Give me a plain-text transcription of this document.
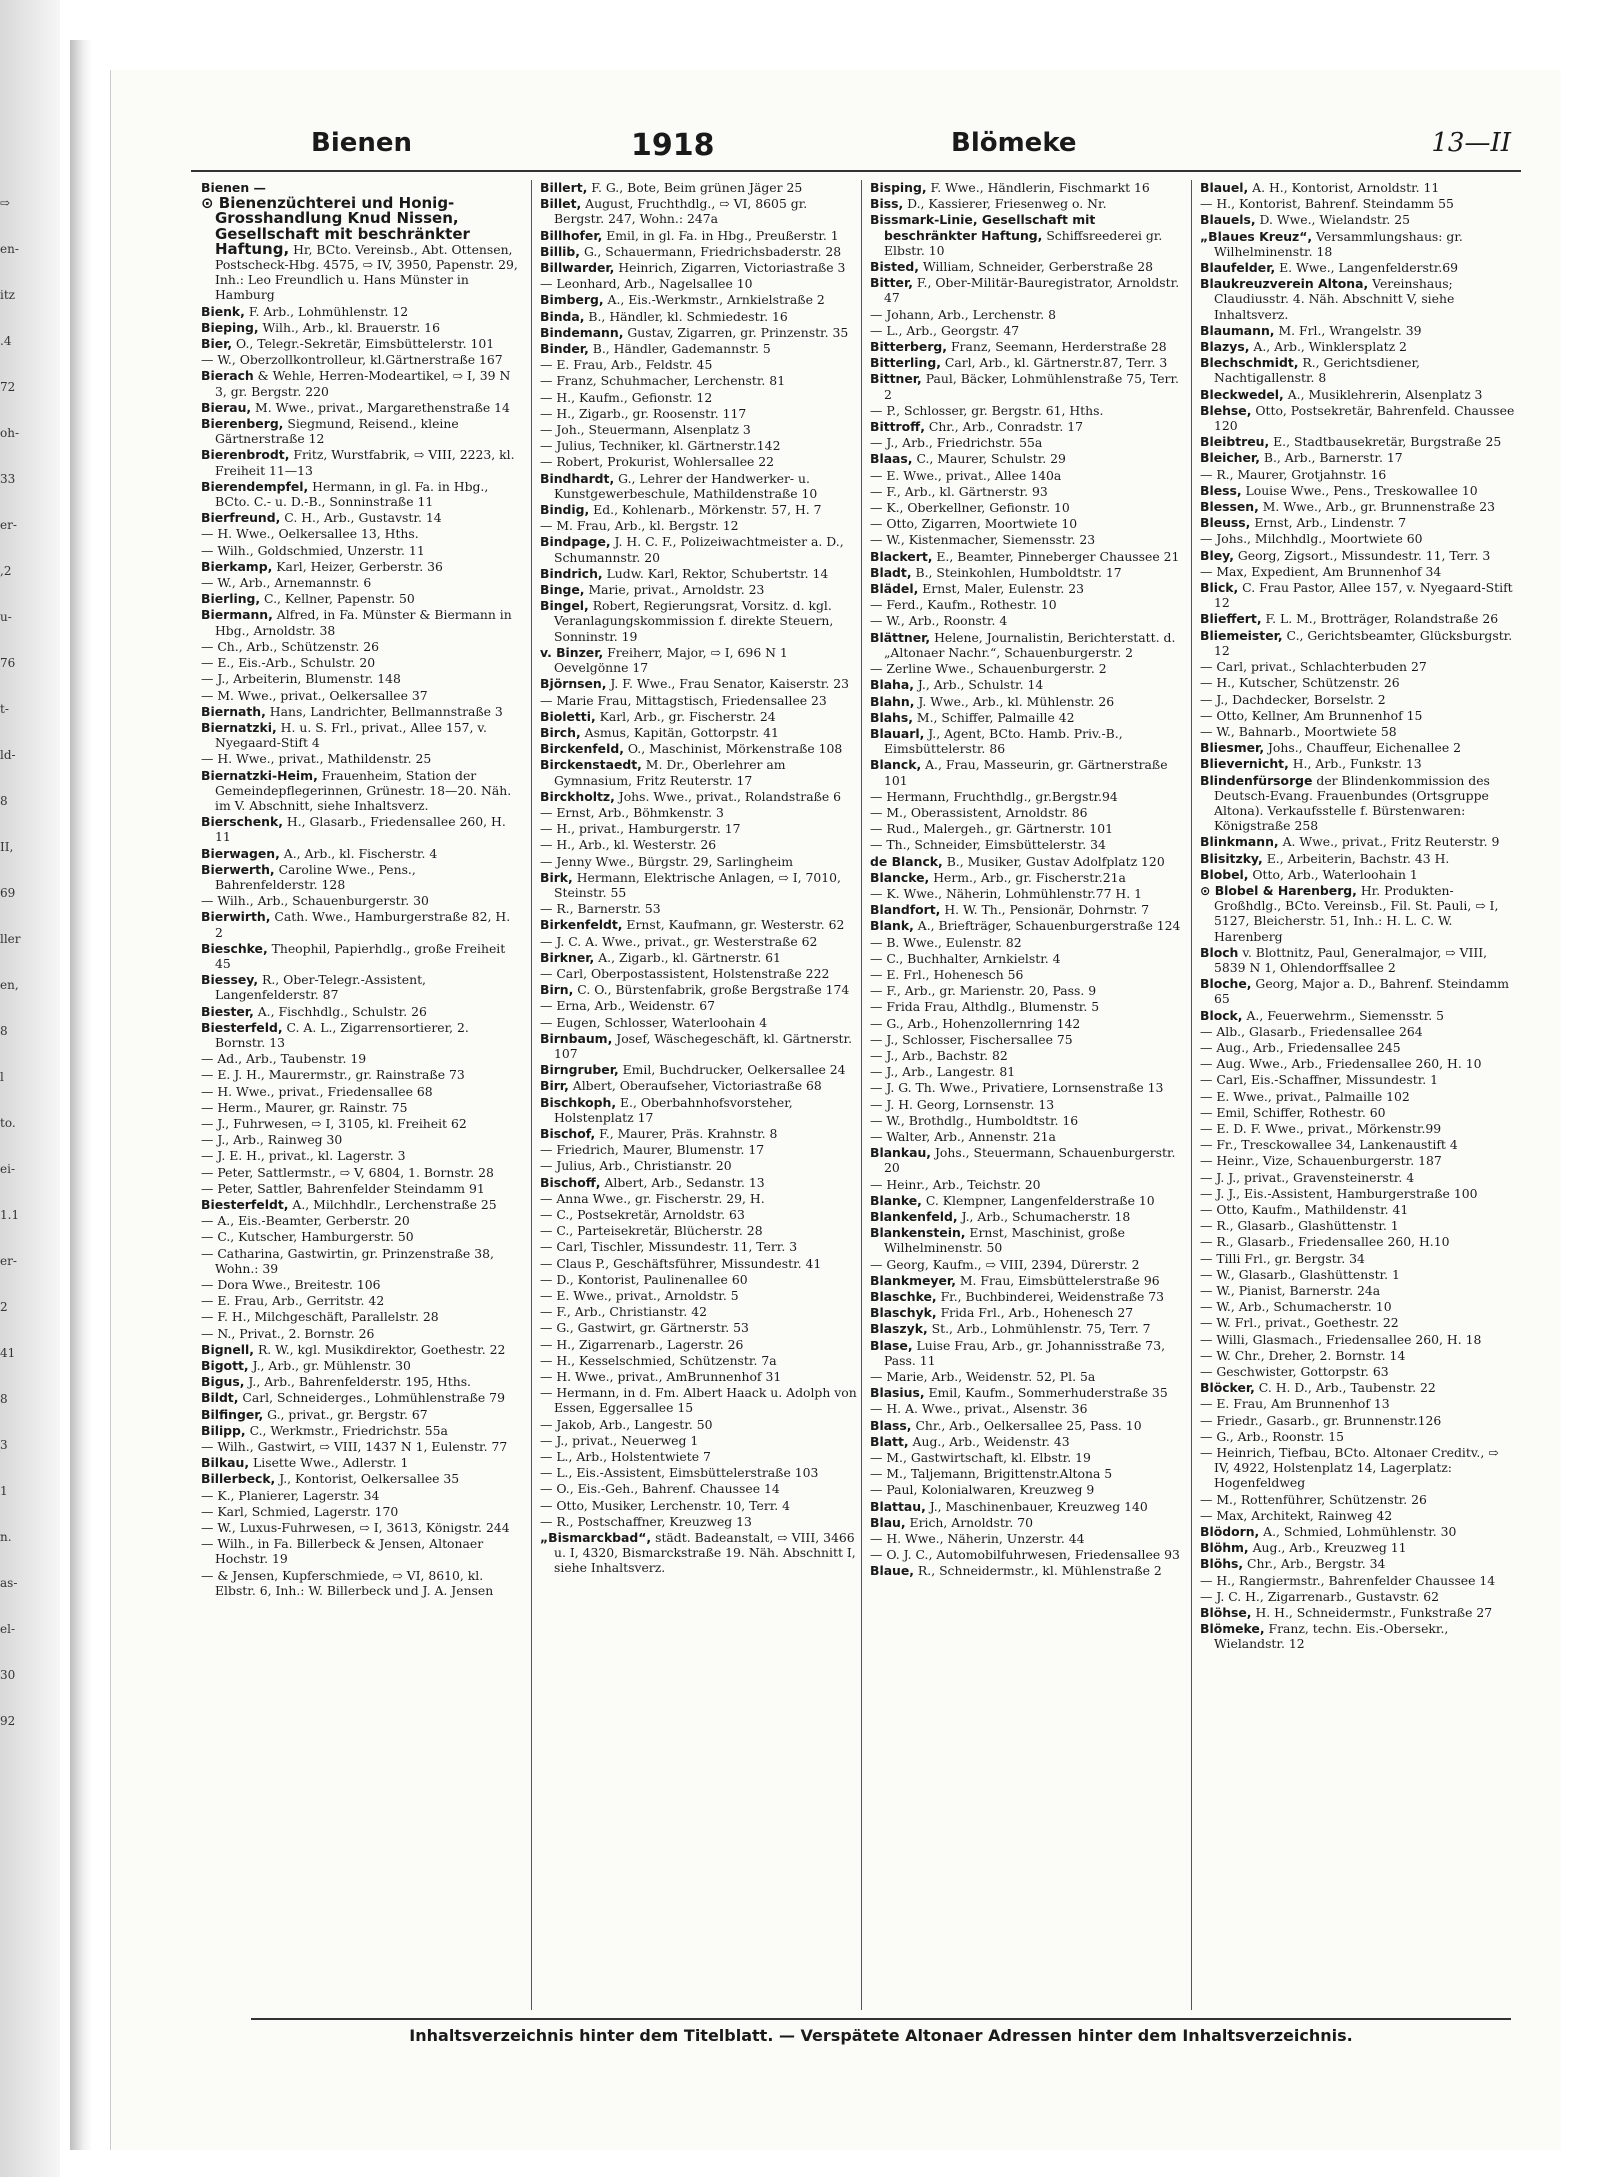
⇨
en-
itz
.4
72
oh-
33
er-
,2
u-
76
t-
ld-
8
II,
69
ller
en,
8
l to.
ei-
1.1
er-
2
41
8
3
1
n.
as-
el-
30
92
Bienen	1918	Blömeke	13—II
Bienen —
⊙ Bienenzüchterei und Honig-Grosshandlung Knud Nissen, Gesellschaft mit beschränkter Haftung, Hr, BCto. Vereinsb., Abt. Ottensen, Postscheck-Hbg. 4575, ⇨ IV, 3950, Papenstr. 29, Inh.: Leo Freundlich u. Hans Münster in Hamburg
Bienk, F. Arb., Lohmühlenstr. 12
Bieping, Wilh., Arb., kl. Brauerstr. 16
Bier, O., Telegr.-Sekretär, Eimsbüttelerstr. 101
— W., Oberzollkontrolleur, kl.Gärtnerstraße 167
Bierach & Wehle, Herren-Modeartikel, ⇨ I, 39 N 3, gr. Bergstr. 220
Bierau, M. Wwe., privat., Margarethenstraße 14
Bierenberg, Siegmund, Reisend., kleine Gärtnerstraße 12
Bierenbrodt, Fritz, Wurstfabrik, ⇨ VIII, 2223, kl. Freiheit 11—13
Bierendempfel, Hermann, in gl. Fa. in Hbg., BCto. C.- u. D.-B., Sonninstraße 11
Bierfreund, C. H., Arb., Gustavstr. 14
— H. Wwe., Oelkersallee 13, Hths.
— Wilh., Goldschmied, Unzerstr. 11
Bierkamp, Karl, Heizer, Gerberstr. 36
— W., Arb., Arnemannstr. 6
Bierling, C., Kellner, Papenstr. 50
Biermann, Alfred, in Fa. Münster & Biermann in Hbg., Arnoldstr. 38
— Ch., Arb., Schützenstr. 26
— E., Eis.-Arb., Schulstr. 20
— J., Arbeiterin, Blumenstr. 148
— M. Wwe., privat., Oelkersallee 37
Biernath, Hans, Landrichter, Bellmannstraße 3
Biernatzki, H. u. S. Frl., privat., Allee 157, v. Nyegaard-Stift 4
— H. Wwe., privat., Mathildenstr. 25
Biernatzki-Heim, Frauenheim, Station der Gemeindepflegerinnen, Grünestr. 18—20. Näh. im V. Abschnitt, siehe Inhaltsverz.
Bierschenk, H., Glasarb., Friedensallee 260, H. 11
Bierwagen, A., Arb., kl. Fischerstr. 4
Bierwerth, Caroline Wwe., Pens., Bahrenfelderstr. 128
— Wilh., Arb., Schauenburgerstr. 30
Bierwirth, Cath. Wwe., Hamburgerstraße 82, H. 2
Bieschke, Theophil, Papierhdlg., große Freiheit 45
Biessey, R., Ober-Telegr.-Assistent, Langenfelderstr. 87
Biester, A., Fischhdlg., Schulstr. 26
Biesterfeld, C. A. L., Zigarrensortierer, 2. Bornstr. 13
— Ad., Arb., Taubenstr. 19
— E. J. H., Maurermstr., gr. Rainstraße 73
— H. Wwe., privat., Friedensallee 68
— Herm., Maurer, gr. Rainstr. 75
— J., Fuhrwesen, ⇨ I, 3105, kl. Freiheit 62
— J., Arb., Rainweg 30
— J. E. H., privat., kl. Lagerstr. 3
— Peter, Sattlermstr., ⇨ V, 6804, 1. Bornstr. 28
— Peter, Sattler, Bahrenfelder Steindamm 91
Biesterfeldt, A., Milchhdlr., Lerchenstraße 25
— A., Eis.-Beamter, Gerberstr. 20
— C., Kutscher, Hamburgerstr. 50
— Catharina, Gastwirtin, gr. Prinzenstraße 38, Wohn.: 39
— Dora Wwe., Breitestr. 106
— E. Frau, Arb., Gerritstr. 42
— F. H., Milchgeschäft, Parallelstr. 28
— N., Privat., 2. Bornstr. 26
Bignell, R. W., kgl. Musikdirektor, Goethestr. 22
Bigott, J., Arb., gr. Mühlenstr. 30
Bigus, J., Arb., Bahrenfelderstr. 195, Hths.
Bildt, Carl, Schneiderges., Lohmühlenstraße 79
Bilfinger, G., privat., gr. Bergstr. 67
Bilipp, C., Werkmstr., Friedrichstr. 55a
— Wilh., Gastwirt, ⇨ VIII, 1437 N 1, Eulenstr. 77
Bilkau, Lisette Wwe., Adlerstr. 1
Billerbeck, J., Kontorist, Oelkersallee 35
— K., Planierer, Lagerstr. 34
— Karl, Schmied, Lagerstr. 170
— W., Luxus-Fuhrwesen, ⇨ I, 3613, Königstr. 244
— Wilh., in Fa. Billerbeck & Jensen, Altonaer Hochstr. 19
— & Jensen, Kupferschmiede, ⇨ VI, 8610, kl. Elbstr. 6, Inh.: W. Billerbeck und J. A. Jensen
Billert, F. G., Bote, Beim grünen Jäger 25
Billet, August, Fruchthdlg., ⇨ VI, 8605 gr. Bergstr. 247, Wohn.: 247a
Billhofer, Emil, in gl. Fa. in Hbg., Preußerstr. 1
Billib, G., Schauermann, Friedrichsbaderstr. 28
Billwarder, Heinrich, Zigarren, Victoriastraße 3
— Leonhard, Arb., Nagelsallee 10
Bimberg, A., Eis.-Werkmstr., Arnkielstraße 2
Binda, B., Händler, kl. Schmiedestr. 16
Bindemann, Gustav, Zigarren, gr. Prinzenstr. 35
Binder, B., Händler, Gademannstr. 5
— E. Frau, Arb., Feldstr. 45
— Franz, Schuhmacher, Lerchenstr. 81
— H., Kaufm., Gefionstr. 12
— H., Zigarb., gr. Roosenstr. 117
— Joh., Steuermann, Alsenplatz 3
— Julius, Techniker, kl. Gärtnerstr.142
— Robert, Prokurist, Wohlersallee 22
Bindhardt, G., Lehrer der Handwerker- u. Kunstgewerbeschule, Mathildenstraße 10
Bindig, Ed., Kohlenarb., Mörkenstr. 57, H. 7
— M. Frau, Arb., kl. Bergstr. 12
Bindpage, J. H. C. F., Polizeiwachtmeister a. D., Schumannstr. 20
Bindrich, Ludw. Karl, Rektor, Schubertstr. 14
Binge, Marie, privat., Arnoldstr. 23
Bingel, Robert, Regierungsrat, Vorsitz. d. kgl. Veranlagungskommission f. direkte Steuern, Sonninstr. 19
v. Binzer, Freiherr, Major, ⇨ I, 696 N 1 Oevelgönne 17
Björnsen, J. F. Wwe., Frau Senator, Kaiserstr. 23
— Marie Frau, Mittagstisch, Friedensallee 23
Bioletti, Karl, Arb., gr. Fischerstr. 24
Birch, Asmus, Kapitän, Gottorpstr. 41
Birckenfeld, O., Maschinist, Mörkenstraße 108
Birckenstaedt, M. Dr., Oberlehrer am Gymnasium, Fritz Reuterstr. 17
Birckholtz, Johs. Wwe., privat., Rolandstraße 6
— Ernst, Arb., Böhmkenstr. 3
— H., privat., Hamburgerstr. 17
— H., Arb., kl. Westerstr. 26
— Jenny Wwe., Bürgstr. 29, Sarlingheim
Birk, Hermann, Elektrische Anlagen, ⇨ I, 7010, Steinstr. 55
— R., Barnerstr. 53
Birkenfeldt, Ernst, Kaufmann, gr. Westerstr. 62
— J. C. A. Wwe., privat., gr. Westerstraße 62
Birkner, A., Zigarb., kl. Gärtnerstr. 61
— Carl, Oberpostassistent, Holstenstraße 222
Birn, C. O., Bürstenfabrik, große Bergstraße 174
— Erna, Arb., Weidenstr. 67
— Eugen, Schlosser, Waterloohain 4
Birnbaum, Josef, Wäschegeschäft, kl. Gärtnerstr. 107
Birngruber, Emil, Buchdrucker, Oelkersallee 24
Birr, Albert, Oberaufseher, Victoriastraße 68
Bischkoph, E., Oberbahnhofsvorsteher, Holstenplatz 17
Bischof, F., Maurer, Präs. Krahnstr. 8
— Friedrich, Maurer, Blumenstr. 17
— Julius, Arb., Christianstr. 20
Bischoff, Albert, Arb., Sedanstr. 13
— Anna Wwe., gr. Fischerstr. 29, H.
— C., Postsekretär, Arnoldstr. 63
— C., Parteisekretär, Blücherstr. 28
— Carl, Tischler, Missundestr. 11, Terr. 3
— Claus P., Geschäftsführer, Missundestr. 41
— D., Kontorist, Paulinenallee 60
— E. Wwe., privat., Arnoldstr. 5
— F., Arb., Christianstr. 42
— G., Gastwirt, gr. Gärtnerstr. 53
— H., Zigarrenarb., Lagerstr. 26
— H., Kesselschmied, Schützenstr. 7a
— H. Wwe., privat., AmBrunnenhof 31
— Hermann, in d. Fm. Albert Haack u. Adolph von Essen, Eggersallee 15
— Jakob, Arb., Langestr. 50
— J., privat., Neuerweg 1
— L., Arb., Holstentwiete 7
— L., Eis.-Assistent, Eimsbüttelerstraße 103
— O., Eis.-Geh., Bahrenf. Chaussee 14
— Otto, Musiker, Lerchenstr. 10, Terr. 4
— R., Postschaffner, Kreuzweg 13
„Bismarckbad“, städt. Badeanstalt, ⇨ VIII, 3466 u. I, 4320, Bismarckstraße 19. Näh. Abschnitt I, siehe Inhaltsverz.
Bisping, F. Wwe., Händlerin, Fischmarkt 16
Biss, D., Kassierer, Friesenweg o. Nr.
Bissmark-Linie, Gesellschaft mit beschränkter Haftung, Schiffsreederei gr. Elbstr. 10
Bisted, William, Schneider, Gerberstraße 28
Bitter, F., Ober-Militär-Bauregistrator, Arnoldstr. 47
— Johann, Arb., Lerchenstr. 8
— L., Arb., Georgstr. 47
Bitterberg, Franz, Seemann, Herderstraße 28
Bitterling, Carl, Arb., kl. Gärtnerstr.87, Terr. 3
Bittner, Paul, Bäcker, Lohmühlenstraße 75, Terr. 2
— P., Schlosser, gr. Bergstr. 61, Hths.
Bittroff, Chr., Arb., Conradstr. 17
— J., Arb., Friedrichstr. 55a
Blaas, C., Maurer, Schulstr. 29
— E. Wwe., privat., Allee 140a
— F., Arb., kl. Gärtnerstr. 93
— K., Oberkellner, Gefionstr. 10
— Otto, Zigarren, Moortwiete 10
— W., Kistenmacher, Siemensstr. 23
Blackert, E., Beamter, Pinneberger Chaussee 21
Bladt, B., Steinkohlen, Humboldtstr. 17
Blädel, Ernst, Maler, Eulenstr. 23
— Ferd., Kaufm., Rothestr. 10
— W., Arb., Roonstr. 4
Blättner, Helene, Journalistin, Berichterstatt. d. „Altonaer Nachr.“, Schauenburgerstr. 2
— Zerline Wwe., Schauenburgerstr. 2
Blaha, J., Arb., Schulstr. 14
Blahn, J. Wwe., Arb., kl. Mühlenstr. 26
Blahs, M., Schiffer, Palmaille 42
Blauarl, J., Agent, BCto. Hamb. Priv.-B., Eimsbüttelerstr. 86
Blanck, A., Frau, Masseurin, gr. Gärtnerstraße 101
— Hermann, Fruchthdlg., gr.Bergstr.94
— M., Oberassistent, Arnoldstr. 86
— Rud., Malergeh., gr. Gärtnerstr. 101
— Th., Schneider, Eimsbüttelerstr. 34
de Blanck, B., Musiker, Gustav Adolfplatz 120
Blancke, Herm., Arb., gr. Fischerstr.21a
— K. Wwe., Näherin, Lohmühlenstr.77 H. 1
Blandfort, H. W. Th., Pensionär, Dohrnstr. 7
Blank, A., Briefträger, Schauenburgerstraße 124
— B. Wwe., Eulenstr. 82
— C., Buchhalter, Arnkielstr. 4
— E. Frl., Hohenesch 56
— F., Arb., gr. Marienstr. 20, Pass. 9
— Frida Frau, Althdlg., Blumenstr. 5
— G., Arb., Hohenzollernring 142
— J., Schlosser, Fischersallee 75
— J., Arb., Bachstr. 82
— J., Arb., Langestr. 81
— J. G. Th. Wwe., Privatiere, Lornsenstraße 13
— J. H. Georg, Lornsenstr. 13
— W., Brothdlg., Humboldtstr. 16
— Walter, Arb., Annenstr. 21a
Blankau, Johs., Steuermann, Schauenburgerstr. 20
— Heinr., Arb., Teichstr. 20
Blanke, C. Klempner, Langenfelderstraße 10
Blankenfeld, J., Arb., Schumacherstr. 18
Blankenstein, Ernst, Maschinist, große Wilhelminenstr. 50
— Georg, Kaufm., ⇨ VIII, 2394, Dürerstr. 2
Blankmeyer, M. Frau, Eimsbüttelerstraße 96
Blaschke, Fr., Buchbinderei, Weidenstraße 73
Blaschyk, Frida Frl., Arb., Hohenesch 27
Blaszyk, St., Arb., Lohmühlenstr. 75, Terr. 7
Blase, Luise Frau, Arb., gr. Johannisstraße 73, Pass. 11
— Marie, Arb., Weidenstr. 52, Pl. 5a
Blasius, Emil, Kaufm., Sommerhuderstraße 35
— H. A. Wwe., privat., Alsenstr. 36
Blass, Chr., Arb., Oelkersallee 25, Pass. 10
Blatt, Aug., Arb., Weidenstr. 43
— M., Gastwirtschaft, kl. Elbstr. 19
— M., Taljemann, Brigittenstr.Altona 5
— Paul, Kolonialwaren, Kreuzweg 9
Blattau, J., Maschinenbauer, Kreuzweg 140
Blau, Erich, Arnoldstr. 70
— H. Wwe., Näherin, Unzerstr. 44
— O. J. C., Automobilfuhrwesen, Friedensallee 93
Blaue, R., Schneidermstr., kl. Mühlenstraße 2
Blauel, A. H., Kontorist, Arnoldstr. 11
— H., Kontorist, Bahrenf. Steindamm 55
Blauels, D. Wwe., Wielandstr. 25
„Blaues Kreuz“, Versammlungshaus: gr. Wilhelminenstr. 18
Blaufelder, E. Wwe., Langenfelderstr.69
Blaukreuzverein Altona, Vereinshaus; Claudiusstr. 4. Näh. Abschnitt V, siehe Inhaltsverz.
Blaumann, M. Frl., Wrangelstr. 39
Blazys, A., Arb., Winklersplatz 2
Blechschmidt, R., Gerichtsdiener, Nachtigallenstr. 8
Bleckwedel, A., Musiklehrerin, Alsenplatz 3
Blehse, Otto, Postsekretär, Bahrenfeld. Chaussee 120
Bleibtreu, E., Stadtbausekretär, Burgstraße 25
Bleicher, B., Arb., Barnerstr. 17
— R., Maurer, Grotjahnstr. 16
Bless, Louise Wwe., Pens., Treskowallee 10
Blessen, M. Wwe., Arb., gr. Brunnenstraße 23
Bleuss, Ernst, Arb., Lindenstr. 7
— Johs., Milchhdlg., Moortwiete 60
Bley, Georg, Zigsort., Missundestr. 11, Terr. 3
— Max, Expedient, Am Brunnenhof 34
Blick, C. Frau Pastor, Allee 157, v. Nyegaard-Stift 12
Blieffert, F. L. M., Brotträger, Rolandstraße 26
Bliemeister, C., Gerichtsbeamter, Glücksburgstr. 12
— Carl, privat., Schlachterbuden 27
— H., Kutscher, Schützenstr. 26
— J., Dachdecker, Borselstr. 2
— Otto, Kellner, Am Brunnenhof 15
— W., Bahnarb., Moortwiete 58
Bliesmer, Johs., Chauffeur, Eichenallee 2
Blievernicht, H., Arb., Funkstr. 13
Blindenfürsorge der Blindenkommission des Deutsch-Evang. Frauenbundes (Ortsgruppe Altona). Verkaufsstelle f. Bürstenwaren: Königstraße 258
Blinkmann, A. Wwe., privat., Fritz Reuterstr. 9
Blisitzky, E., Arbeiterin, Bachstr. 43 H.
Blobel, Otto, Arb., Waterloohain 1
⊙ Blobel & Harenberg, Hr. Produkten-Großhdlg., BCto. Vereinsb., Fil. St. Pauli, ⇨ I, 5127, Bleicherstr. 51, Inh.: H. L. C. W. Harenberg
Bloch v. Blottnitz, Paul, Generalmajor, ⇨ VIII, 5839 N 1, Ohlendorffsallee 2
Bloche, Georg, Major a. D., Bahrenf. Steindamm 65
Block, A., Feuerwehrm., Siemensstr. 5
— Alb., Glasarb., Friedensallee 264
— Aug., Arb., Friedensallee 245
— Aug. Wwe., Arb., Friedensallee 260, H. 10
— Carl, Eis.-Schaffner, Missundestr. 1
— E. Wwe., privat., Palmaille 102
— Emil, Schiffer, Rothestr. 60
— E. D. F. Wwe., privat., Mörkenstr.99
— Fr., Tresckowallee 34, Lankenaustift 4
— Heinr., Vize, Schauenburgerstr. 187
— J. J., privat., Gravensteinerstr. 4
— J. J., Eis.-Assistent, Hamburgerstraße 100
— Otto, Kaufm., Mathildenstr. 41
— R., Glasarb., Glashüttenstr. 1
— R., Glasarb., Friedensallee 260, H.10
— Tilli Frl., gr. Bergstr. 34
— W., Glasarb., Glashüttenstr. 1
— W., Pianist, Barnerstr. 24a
— W., Arb., Schumacherstr. 10
— W. Frl., privat., Goethestr. 22
— Willi, Glasmach., Friedensallee 260, H. 18
— W. Chr., Dreher, 2. Bornstr. 14
— Geschwister, Gottorpstr. 63
Blöcker, C. H. D., Arb., Taubenstr. 22
— E. Frau, Am Brunnenhof 13
— Friedr., Gasarb., gr. Brunnenstr.126
— G., Arb., Roonstr. 15
— Heinrich, Tiefbau, BCto. Altonaer Creditv., ⇨ IV, 4922, Holstenplatz 14, Lagerplatz: Hogenfeldweg
— M., Rottenführer, Schützenstr. 26
— Max, Architekt, Rainweg 42
Blödorn, A., Schmied, Lohmühlenstr. 30
Blöhm, Aug., Arb., Kreuzweg 11
Blöhs, Chr., Arb., Bergstr. 34
— H., Rangiermstr., Bahrenfelder Chaussee 14
— J. C. H., Zigarrenarb., Gustavstr. 62
Blöhse, H. H., Schneidermstr., Funkstraße 27
Blömeke, Franz, techn. Eis.-Obersekr., Wielandstr. 12
Inhaltsverzeichnis hinter dem Titelblatt. — Verspätete Altonaer Adressen hinter dem Inhaltsverzeichnis.
